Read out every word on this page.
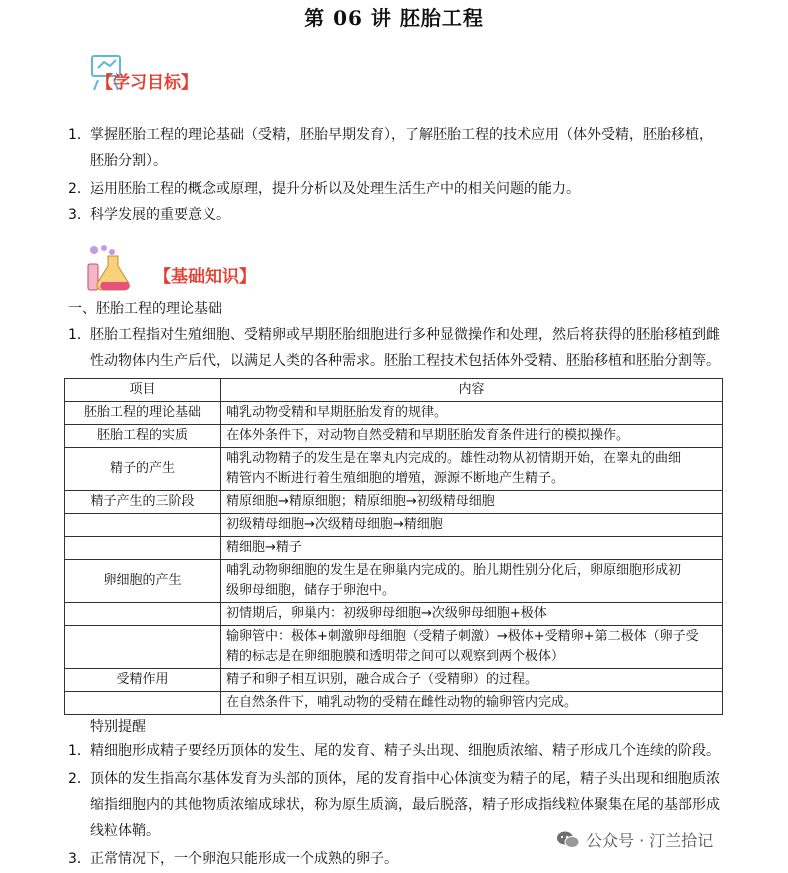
第 06 讲 胚胎工程
【学习目标】
1．掌握胚胎工程的理论基础（受精，胚胎早期发育），了解胚胎工程的技术应用（体外受精，胚胎移植，
胚胎分割）。
2．运用胚胎工程的概念或原理，提升分析以及处理生活生产中的相关问题的能力。
3．科学发展的重要意义。
【基础知识】
一、胚胎工程的理论基础
1．胚胎工程指对生殖细胞、受精卵或早期胚胎细胞进行多种显微操作和处理，然后将获得的胚胎移植到雌
性动物体内生产后代，以满足人类的各种需求。胚胎工程技术包括体外受精、胚胎移植和胚胎分割等。
项目	内容
胚胎工程的理论基础	哺乳动物受精和早期胚胎发育的规律。
胚胎工程的实质	在体外条件下，对动物自然受精和早期胚胎发育条件进行的模拟操作。
精子的产生	哺乳动物精子的发生是在睾丸内完成的。雄性动物从初情期开始，在睾丸的曲细
精管内不断进行着生殖细胞的增殖，源源不断地产生精子。
精子产生的三阶段	精原细胞→精原细胞；精原细胞→初级精母细胞
	初级精母细胞→次级精母细胞→精细胞
	精细胞→精子
卵细胞的产生	哺乳动物卵细胞的发生是在卵巢内完成的。胎儿期性别分化后，卵原细胞形成初
级卵母细胞，储存于卵泡中。
	初情期后，卵巢内：初级卵母细胞→次级卵母细胞+极体
	输卵管中：极体+刺激卵母细胞（受精子刺激）→极体+受精卵+第二极体（卵子受
精的标志是在卵细胞膜和透明带之间可以观察到两个极体）
受精作用	精子和卵子相互识别，融合成合子（受精卵）的过程。
	在自然条件下，哺乳动物的受精在雌性动物的输卵管内完成。
特别提醒
1．精细胞形成精子要经历顶体的发生、尾的发育、精子头出现、细胞质浓缩、精子形成几个连续的阶段。
2．顶体的发生指高尔基体发育为头部的顶体，尾的发育指中心体演变为精子的尾，精子头出现和细胞质浓
缩指细胞内的其他物质浓缩成球状，称为原生质滴，最后脱落，精子形成指线粒体聚集在尾的基部形成
线粒体鞘。
3．正常情况下，一个卵泡只能形成一个成熟的卵子。
公众号 · 汀兰拾记
